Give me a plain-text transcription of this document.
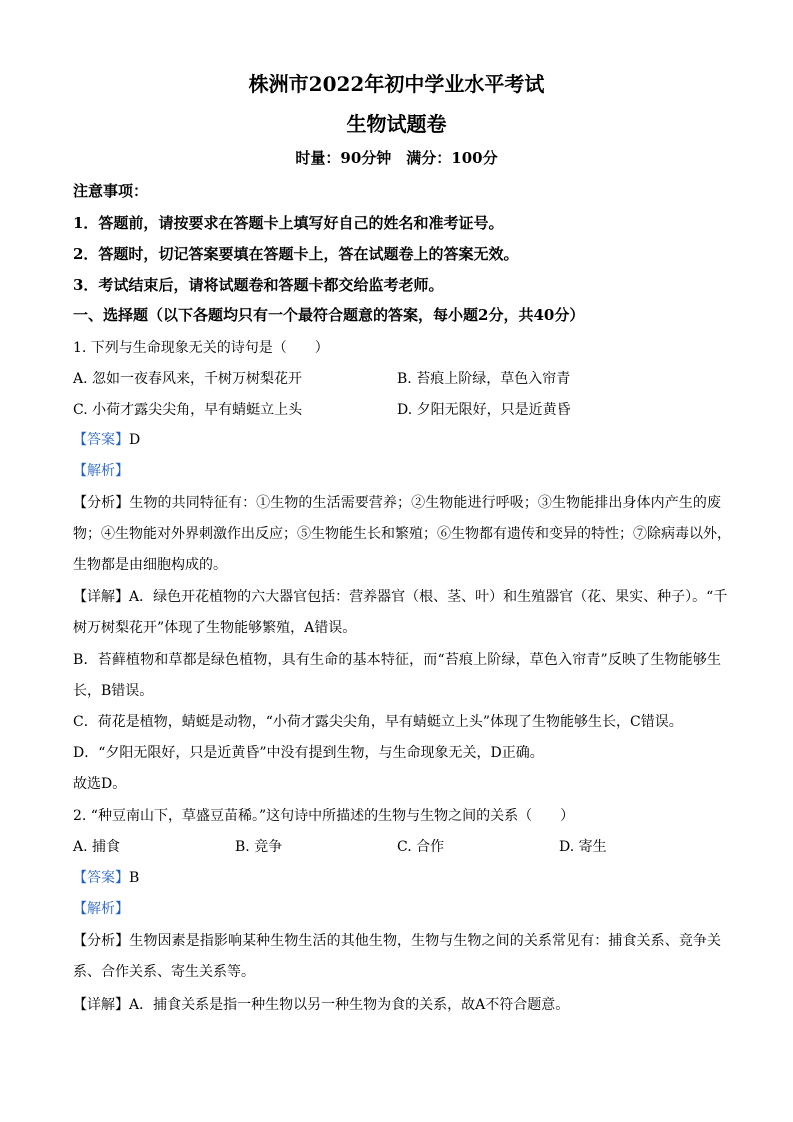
株洲市2022年初中学业水平考试
生物试题卷
时量：90分钟　满分：100分
注意事项：
1．答题前，请按要求在答题卡上填写好自己的姓名和准考证号。
2．答题时，切记答案要填在答题卡上，答在试题卷上的答案无效。
3．考试结束后，请将试题卷和答题卡都交给监考老师。
一、选择题（以下各题均只有一个最符合题意的答案，每小题2分，共40分）
1. 下列与生命现象无关的诗句是（　　）
A. 忽如一夜春风来，千树万树梨花开	B. 苔痕上阶绿，草色入帘青
C. 小荷才露尖尖角，早有蜻蜓立上头	D. 夕阳无限好，只是近黄昏
【答案】D
【解析】
【分析】生物的共同特征有：①生物的生活需要营养；②生物能进行呼吸；③生物能排出身体内产生的废
物；④生物能对外界刺激作出反应；⑤生物能生长和繁殖；⑥生物都有遗传和变异的特性；⑦除病毒以外，
生物都是由细胞构成的。
【详解】A．绿色开花植物的六大器官包括：营养器官（根、茎、叶）和生殖器官（花、果实、种子）。“千
树万树梨花开”体现了生物能够繁殖，A错误。
B．苔藓植物和草都是绿色植物，具有生命的基本特征，而“苔痕上阶绿，草色入帘青”反映了生物能够生
长，B错误。
C．荷花是植物，蜻蜓是动物，“小荷才露尖尖角，早有蜻蜓立上头”体现了生物能够生长，C错误。
D．“夕阳无限好，只是近黄昏”中没有提到生物，与生命现象无关，D正确。
故选D。
2. “种豆南山下，草盛豆苗稀。”这句诗中所描述的生物与生物之间的关系（　　）
A. 捕食	B. 竞争	C. 合作	D. 寄生
【答案】B
【解析】
【分析】生物因素是指影响某种生物生活的其他生物，生物与生物之间的关系常见有：捕食关系、竞争关
系、合作关系、寄生关系等。
【详解】A．捕食关系是指一种生物以另一种生物为食的关系，故A不符合题意。
